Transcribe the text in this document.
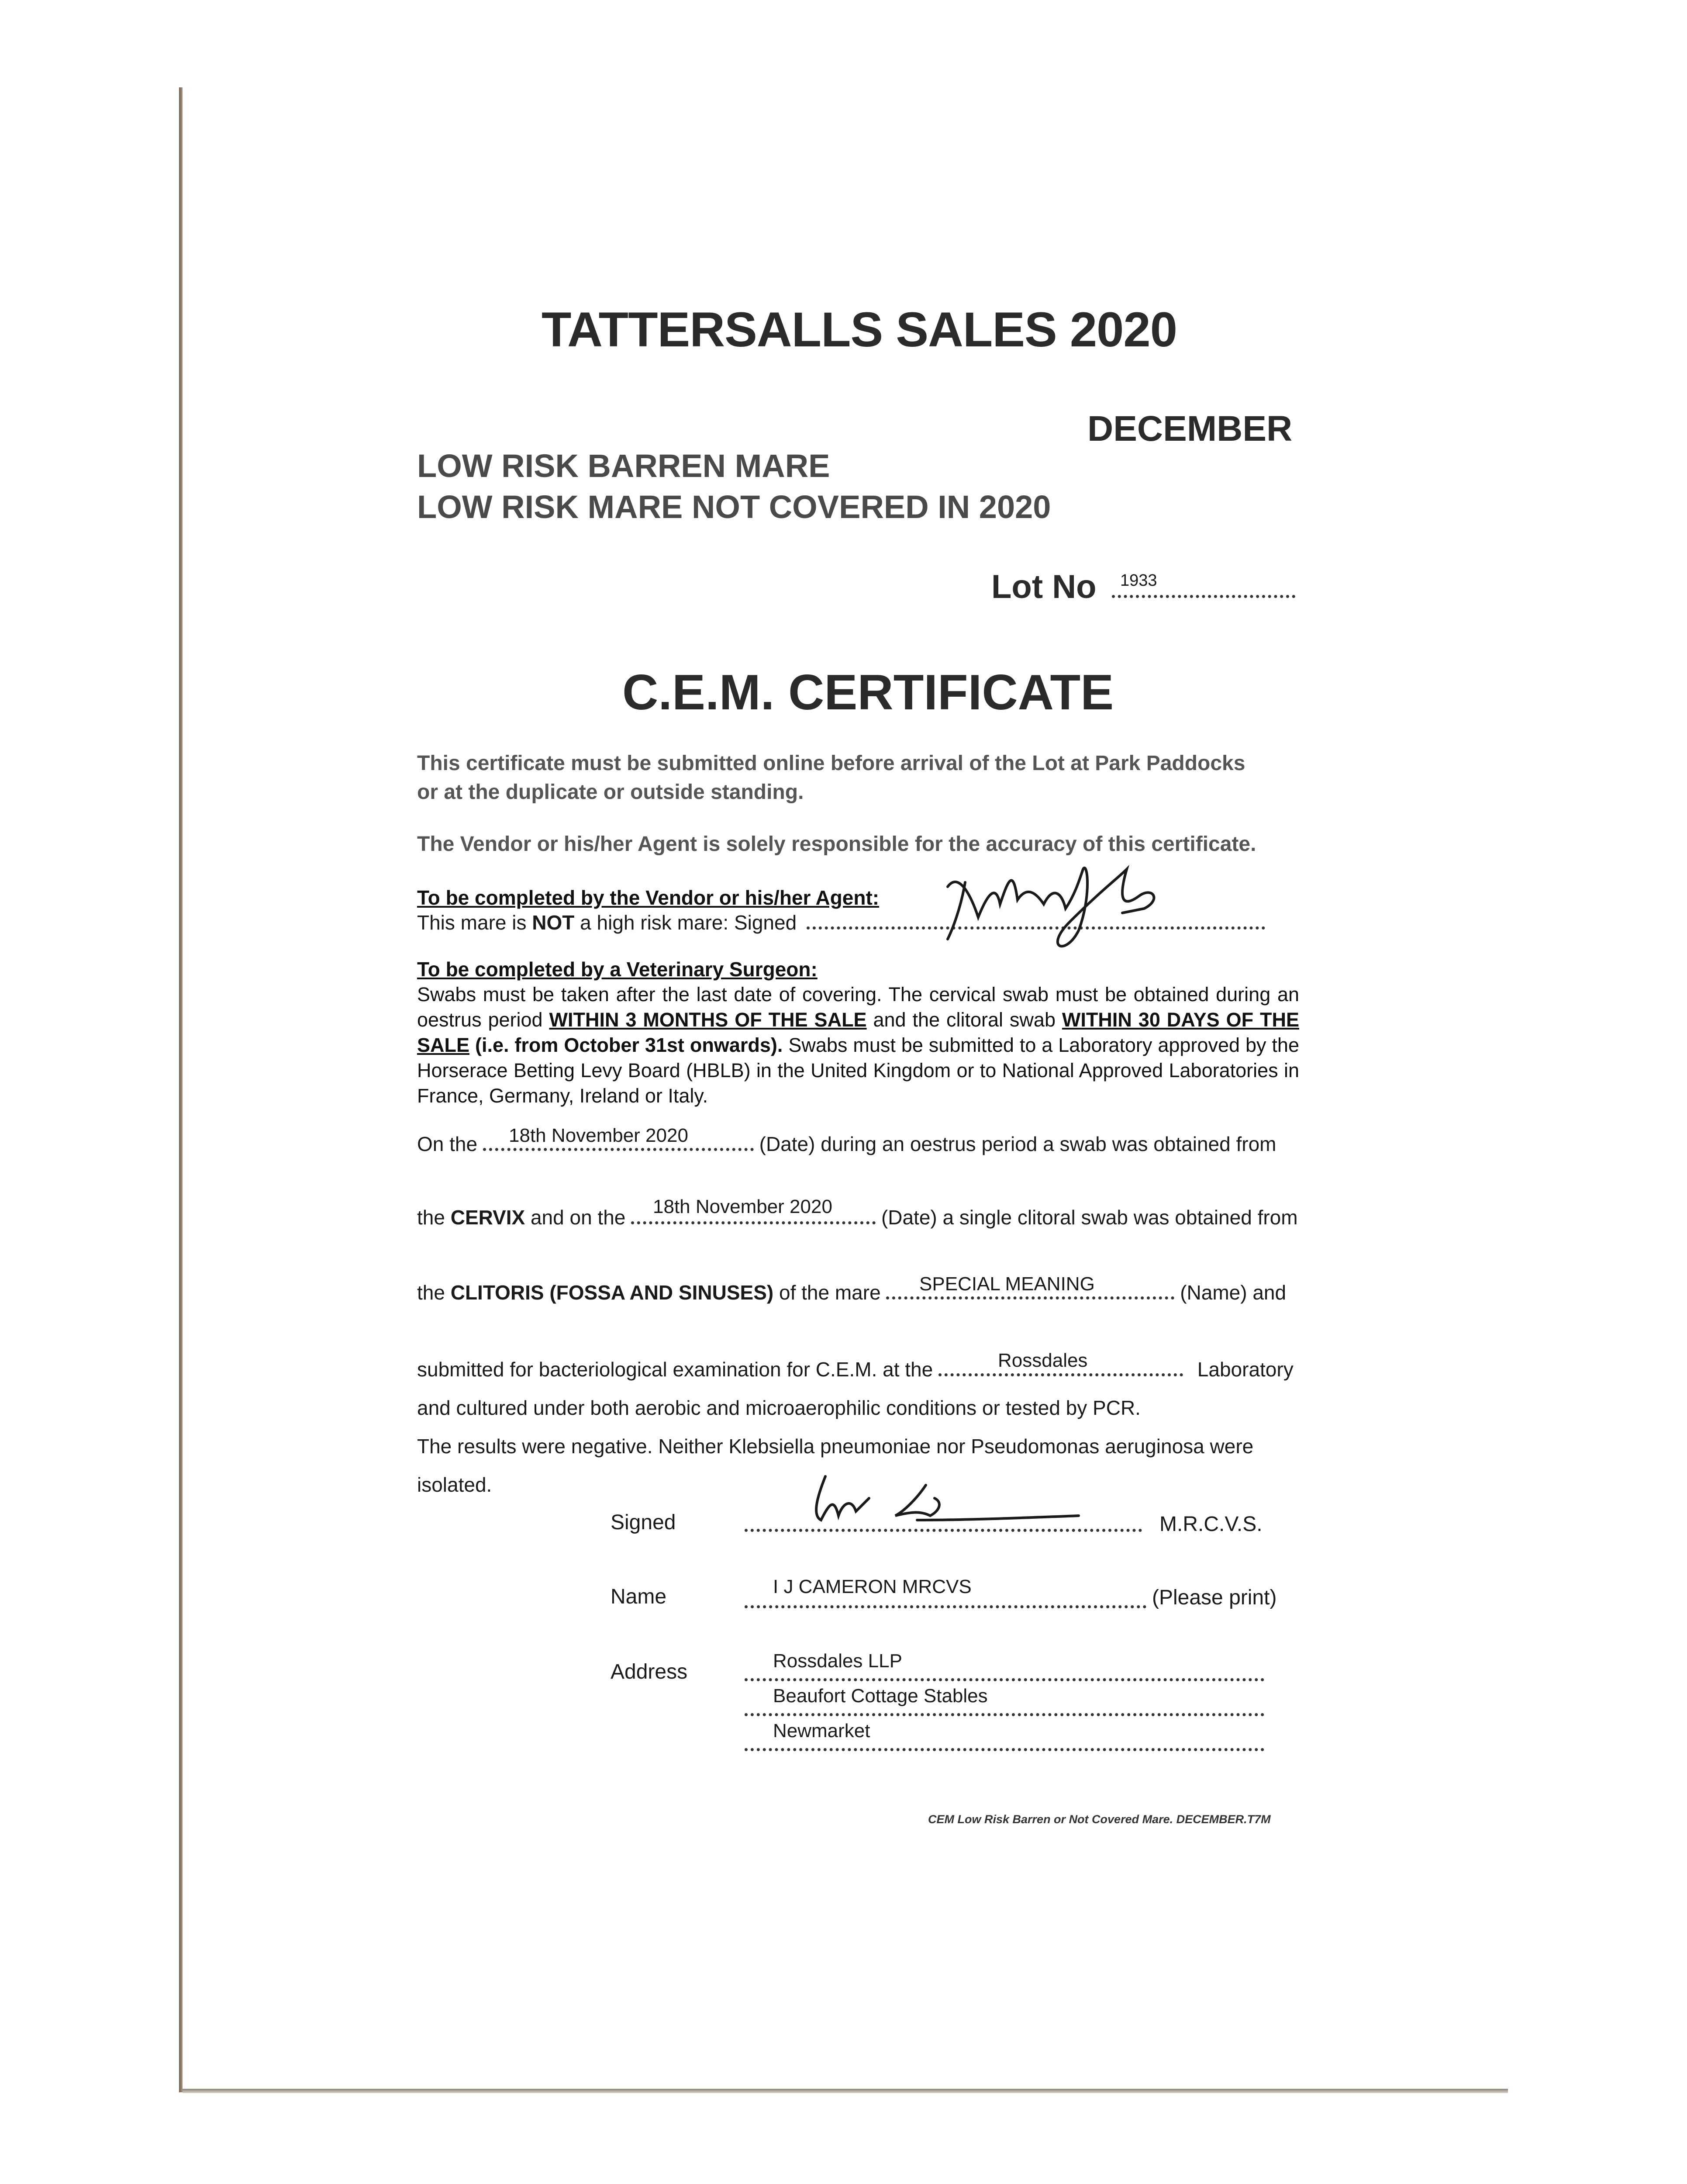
TATTERSALLS SALES 2020
DECEMBER
LOW RISK BARREN MARE
LOW RISK MARE NOT COVERED IN 2020
Lot No	1933
C.E.M. CERTIFICATE
This certificate must be submitted online before arrival of the Lot at Park Paddocks
or at the duplicate or outside standing.
The Vendor or his/her Agent is solely responsible for the accuracy of this certificate.
To be completed by the Vendor or his/her Agent:
This mare is NOT a high risk mare: Signed
To be completed by a Veterinary Surgeon:
Swabs must be taken after the last date of covering. The cervical swab must be obtained during an oestrus period WITHIN 3 MONTHS OF THE SALE and the clitoral swab WITHIN 30 DAYS OF THE SALE (i.e. from October 31st onwards). Swabs must be submitted to a Laboratory approved by the Horserace Betting Levy Board (HBLB) in the United Kingdom or to National Approved Laboratories in France, Germany, Ireland or Italy.
On the	(Date) during an oestrus period a swab was obtained from
18th November 2020
the CERVIX and on the	(Date) a single clitoral swab was obtained from
18th November 2020
the CLITORIS (FOSSA AND SINUSES) of the mare	(Name) and
SPECIAL MEANING
submitted for bacteriological examination for C.E.M. at the	Laboratory
Rossdales
and cultured under both aerobic and microaerophilic conditions or tested by PCR.
The results were negative. Neither Klebsiella pneumoniae nor Pseudomonas aeruginosa were
isolated.
Signed	M.R.C.V.S.
Name	I J CAMERON MRCVS	(Please print)
Address	Rossdales LLP
Beaufort Cottage Stables
Newmarket
CEM Low Risk Barren or Not Covered Mare. DECEMBER.T7M
